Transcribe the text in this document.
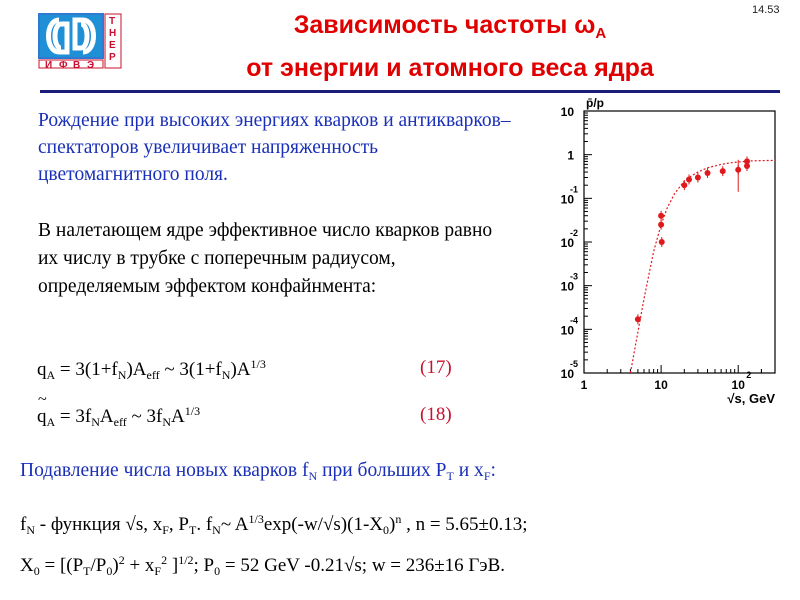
Т
Н
Е
Р
И Ф В Э
14.53
Зависимость частоты $\omega_A$
от энергии и атомного веса ядра
Рождение при высоких энергиях кварков и антикварков–спектаторов увеличивает напряженность цветомагнитного поля.
В налетающем ядре эффективное число кварков равно их числу в трубке с поперечным радиусом, определяемым эффектом конфайнмента:
$q_A = 3(1+f_N)A_{eff}$ ~ $3(1+f_N)A^{1/3}$	(17)
~ $q_A = 3f_NA_{eff}$ ~ $3f_NA^{1/3}$	(18)
Подавление числа новых кварков $f_N$ при больших $P_T$ и $x_F$:
$f_N$ - функция √s, $x_F$, $P_T$. $f_N\sim$ $A^{1/3}\exp(-w/√s)(1-X_0)^n$ , n = 5.65±0.13;
$X_0 = [(P_T/P_0)^2 + x_F^2$ ]$^{1/2}$; $P_0 = 52$ GeV -0.21√s; w = 236±16 ГэВ.
10
1
10
-1
10
-2
10
-3
10
-4
10
-5
1	10	10
2
p̄/p
√s, GeV
